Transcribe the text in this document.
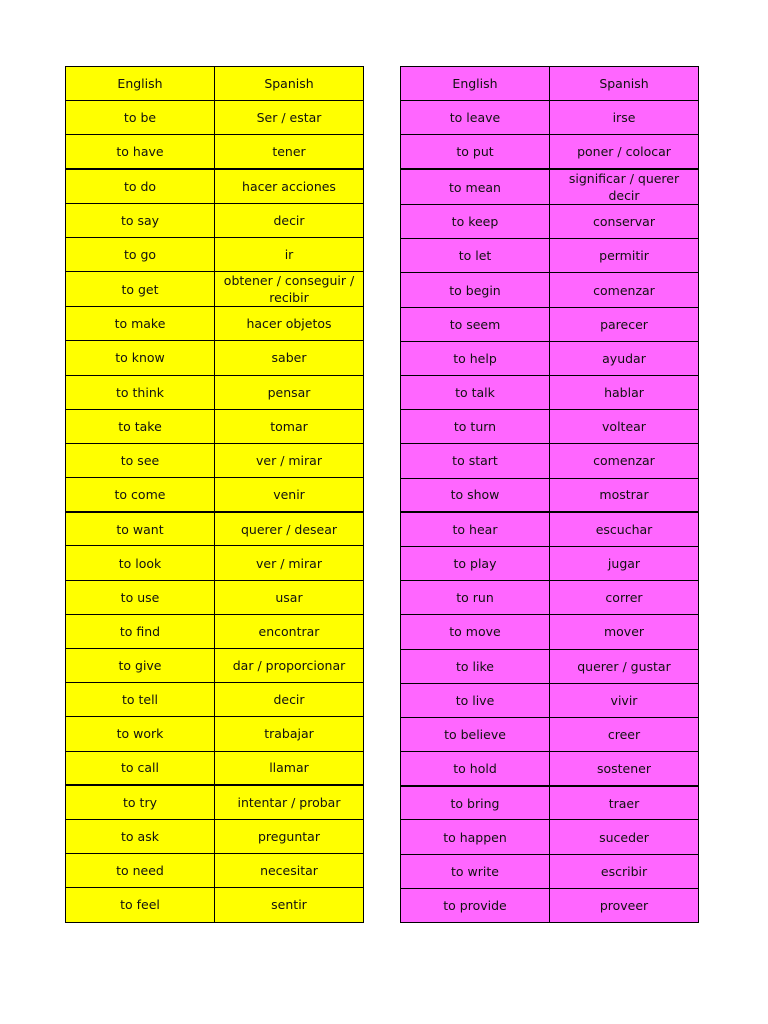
English	Spanish
to be	Ser / estar
to have	tener
to do	hacer acciones
to say	decir
to go	ir
to get	obtener / conseguir / recibir
to make	hacer objetos
to know	saber
to think	pensar
to take	tomar
to see	ver / mirar
to come	venir
to want	querer / desear
to look	ver / mirar
to use	usar
to find	encontrar
to give	dar / proporcionar
to tell	decir
to work	trabajar
to call	llamar
to try	intentar / probar
to ask	preguntar
to need	necesitar
to feel	sentir
English	Spanish
to leave	irse
to put	poner / colocar
to mean	significar / querer decir
to keep	conservar
to let	permitir
to begin	comenzar
to seem	parecer
to help	ayudar
to talk	hablar
to turn	voltear
to start	comenzar
to show	mostrar
to hear	escuchar
to play	jugar
to run	correr
to move	mover
to like	querer / gustar
to live	vivir
to believe	creer
to hold	sostener
to bring	traer
to happen	suceder
to write	escribir
to provide	proveer
